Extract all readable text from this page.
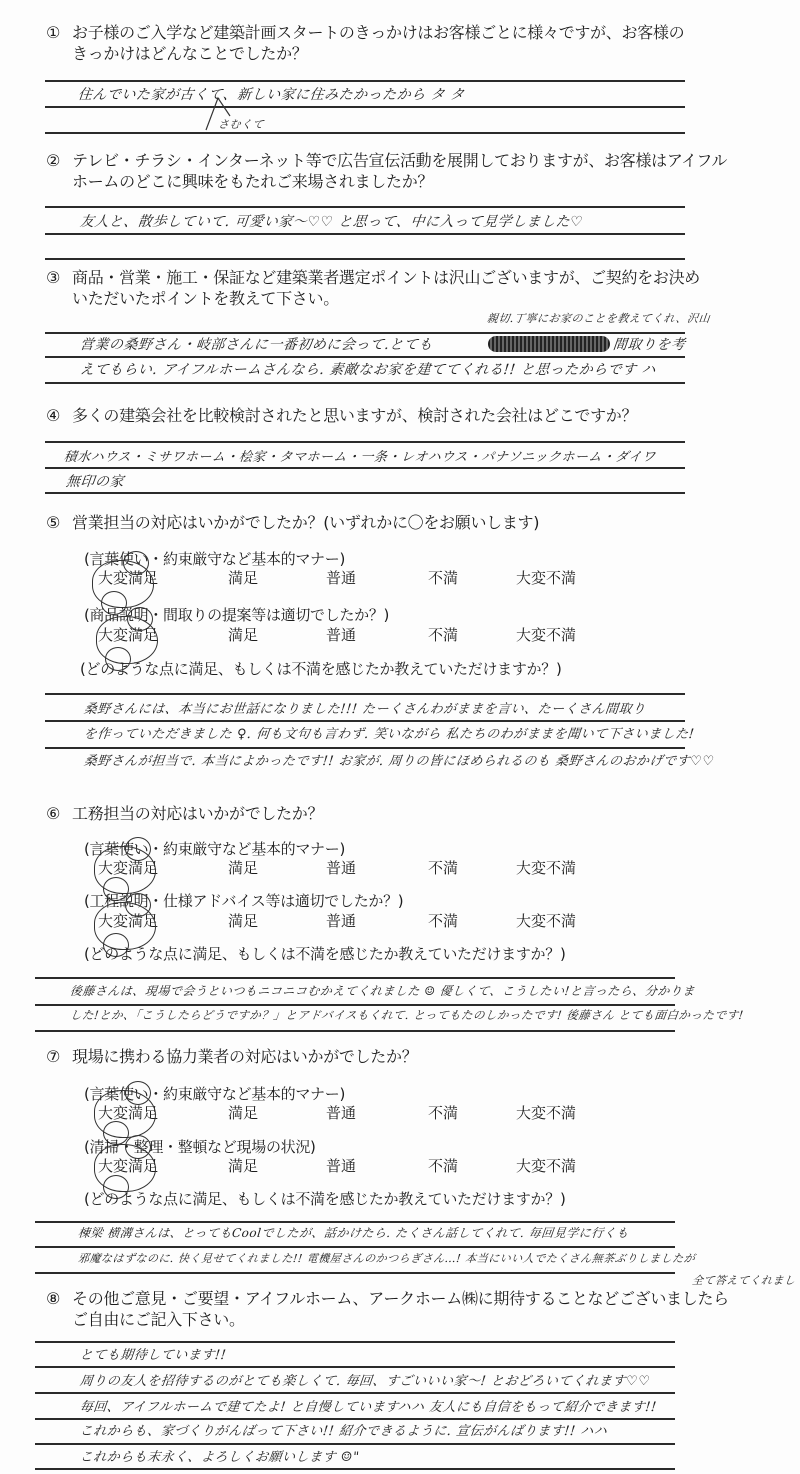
① お子様のご入学など建築計画スタートのきっかけはお客様ごとに様々ですが、お客様の
きっかけはどんなことでしたか？
住んでいた家が古くて、新しい家に住みたかったから タ タ
さむくて
② テレビ・チラシ・インターネット等で広告宣伝活動を展開しておりますが、お客様はアイフル
ホームのどこに興味をもたれご来場されましたか？
友人と、散歩していて. 可愛い家～♡♡ と思って、中に入って見学しました♡
③ 商品・営業・施工・保証など建築業者選定ポイントは沢山ございますが、ご契約をお決め
いただいたポイントを教えて下さい。
親切.丁寧にお家のことを教えてくれ、沢山
営業の桑野さん・岐部さんに一番初めに会って.とても	間取りを考
えてもらい. アイフルホームさんなら. 素敵なお家を建ててくれる!! と思ったからです ハ
④ 多くの建築会社を比較検討されたと思いますが、検討された会社はどこですか？
積水ハウス・ミサワホーム・桧家・タマホーム・一条・レオハウス・パナソニックホーム・ダイワ
無印の家
⑤ 営業担当の対応はいかがでしたか？(いずれかに〇をお願いします)
(言葉使い・約束厳守など基本的マナー)
大変満足	満足	普通	不満	大変不満
(商品説明・間取りの提案等は適切でしたか？)
大変満足	満足	普通	不満	大変不満
(どのような点に満足、もしくは不満を感じたか教えていただけますか？)
桑野さんには、本当にお世話になりました!!! たーくさんわがままを言い、たーくさん間取り
を作っていただきました ♀. 何も文句も言わず. 笑いながら 私たちのわがままを聞いて下さいました!
桑野さんが担当で. 本当によかったです!! お家が. 周りの皆にほめられるのも 桑野さんのおかげです♡♡
⑥ 工務担当の対応はいかがでしたか？
(言葉使い・約束厳守など基本的マナー)
大変満足	満足	普通	不満	大変不満
(工程説明・仕様アドバイス等は適切でしたか？)
大変満足	満足	普通	不満	大変不満
(どのような点に満足、もしくは不満を感じたか教えていただけますか？)
後藤さんは、現場で会うといつもニコニコむかえてくれました ☺ 優しくて、こうしたい!と言ったら、分かりま
した!とか、「こうしたらどうですか？」とアドバイスもくれて. とってもたのしかったです! 後藤さん とても面白かったです!
⑦ 現場に携わる協力業者の対応はいかがでしたか？
(言葉使い・約束厳守など基本的マナー)
大変満足	満足	普通	不満	大変不満
(清掃・整理・整頓など現場の状況)
大変満足	満足	普通	不満	大変不満
(どのような点に満足、もしくは不満を感じたか教えていただけますか？)
棟梁 横溝さんは、とってもCoolでしたが、話かけたら. たくさん話してくれて. 毎回見学に行くも
邪魔なはずなのに. 快く見せてくれました!! 電機屋さんのかつらぎさん…! 本当にいい人でたくさん無茶ぶりしましたが
全て答えてくれまし
⑧ その他ご意見・ご要望・アイフルホーム、アークホーム㈱に期待することなどございましたら
ご自由にご記入下さい。
とても期待しています!!
周りの友人を招待するのがとても楽しくて. 毎回、すごいいい家～! とおどろいてくれます♡♡
毎回、アイフルホームで建てたよ! と自慢していますハハ 友人にも自信をもって紹介できます!!
これからも、家づくりがんばって下さい!! 紹介できるように. 宣伝がんばります!! ハハ
これからも末永く、よろしくお願いします ☺"
